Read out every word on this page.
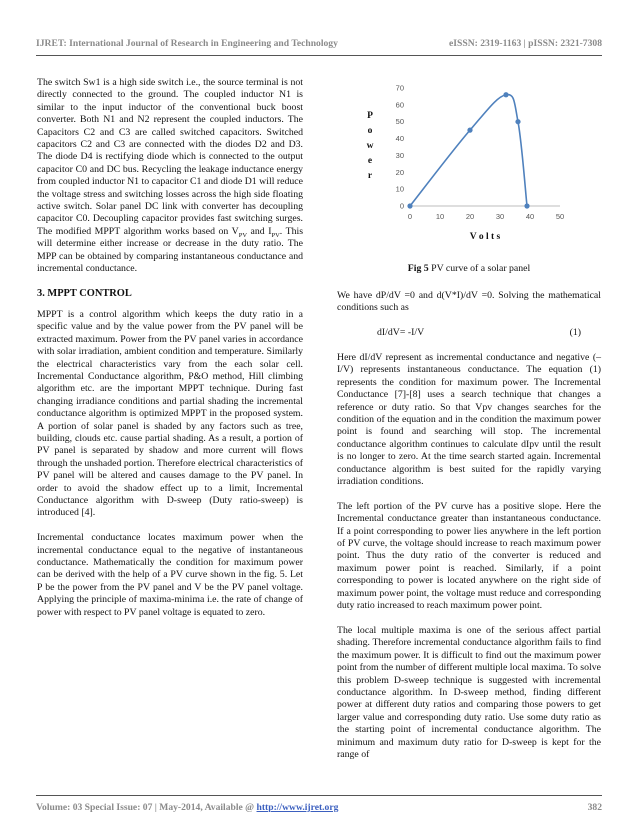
IJRET: International Journal of Research in Engineering and Technology	eISSN: 2319-1163 | pISSN: 2321-7308

The switch Sw1 is a high side switch i.e., the source terminal is not directly connected to the ground. The coupled inductor N1 is similar to the input inductor of the conventional buck boost converter. Both N1 and N2 represent the coupled inductors. The Capacitors C2 and C3 are called switched capacitors. Switched capacitors C2 and C3 are connected with the diodes D2 and D3. The diode D4 is rectifying diode which is connected to the output capacitor C0 and DC bus. Recycling the leakage inductance energy from coupled inductor N1 to capacitor C1 and diode D1 will reduce the voltage stress and switching losses across the high side floating active switch. Solar panel DC link with converter has decoupling capacitor C0. Decoupling capacitor provides fast switching surges. The modified MPPT algorithm works based on $V_{PV}$ and $I_{PV}$. This will determine either increase or decrease in the duty ratio. The MPP can be obtained by comparing instantaneous conductance and incremental conductance.

3. MPPT CONTROL

MPPT is a control algorithm which keeps the duty ratio in a specific value and by the value power from the PV panel will be extracted maximum. Power from the PV panel varies in accordance with solar irradiation, ambient condition and temperature. Similarly the electrical characteristics vary from the each solar cell. Incremental Conductance algorithm, P&O method, Hill climbing algorithm etc. are the important MPPT technique. During fast changing irradiance conditions and partial shading the incremental conductance algorithm is optimized MPPT in the proposed system. A portion of solar panel is shaded by any factors such as tree, building, clouds etc. cause partial shading. As a result, a portion of PV panel is separated by shadow and more current will flows through the unshaded portion. Therefore electrical characteristics of PV panel will be altered and causes damage to the PV panel. In order to avoid the shadow effect up to a limit, Incremental Conductance algorithm with D-sweep (Duty ratio-sweep) is introduced [4].

Incremental conductance locates maximum power when the incremental conductance equal to the negative of instantaneous conductance. Mathematically the condition for maximum power can be derived with the help of a PV curve shown in the fig. 5. Let P be the power from the PV panel and V be the PV panel voltage. Applying the principle of maxima-minima i.e. the rate of change of power with respect to PV panel voltage is equated to zero.

P
o
w
e
r
0	10	20	30	40	50
0
10
20
30
40
50
60
70
V o l t s
Fig 5 PV curve of a solar panel

We have dP/dV =0 and d(V*I)/dV =0. Solving the mathematical conditions such as

dI/dV= -I/V	(1)

Here dI/dV represent as incremental conductance and negative (–I/V) represents instantaneous conductance. The equation (1) represents the condition for maximum power. The Incremental Conductance [7]-[8] uses a search technique that changes a reference or duty ratio. So that Vpv changes searches for the condition of the equation and in the condition the maximum power point is found and searching will stop. The incremental conductance algorithm continues to calculate dIpv until the result is no longer to zero. At the time search started again. Incremental conductance algorithm is best suited for the rapidly varying irradiation conditions.

The left portion of the PV curve has a positive slope. Here the Incremental conductance greater than instantaneous conductance. If a point corresponding to power lies anywhere in the left portion of PV curve, the voltage should increase to reach maximum power point. Thus the duty ratio of the converter is reduced and maximum power point is reached. Similarly, if a point corresponding to power is located anywhere on the right side of maximum power point, the voltage must reduce and corresponding duty ratio increased to reach maximum power point.

The local multiple maxima is one of the serious affect partial shading. Therefore incremental conductance algorithm fails to find the maximum power. It is difficult to find out the maximum power point from the number of different multiple local maxima. To solve this problem D-sweep technique is suggested with incremental conductance algorithm. In D-sweep method, finding different power at different duty ratios and comparing those powers to get larger value and corresponding duty ratio. Use some duty ratio as the starting point of incremental conductance algorithm. The minimum and maximum duty ratio for D-sweep is kept for the range of

Volume: 03 Special Issue: 07 | May-2014, Available @ http://www.ijret.org	382
